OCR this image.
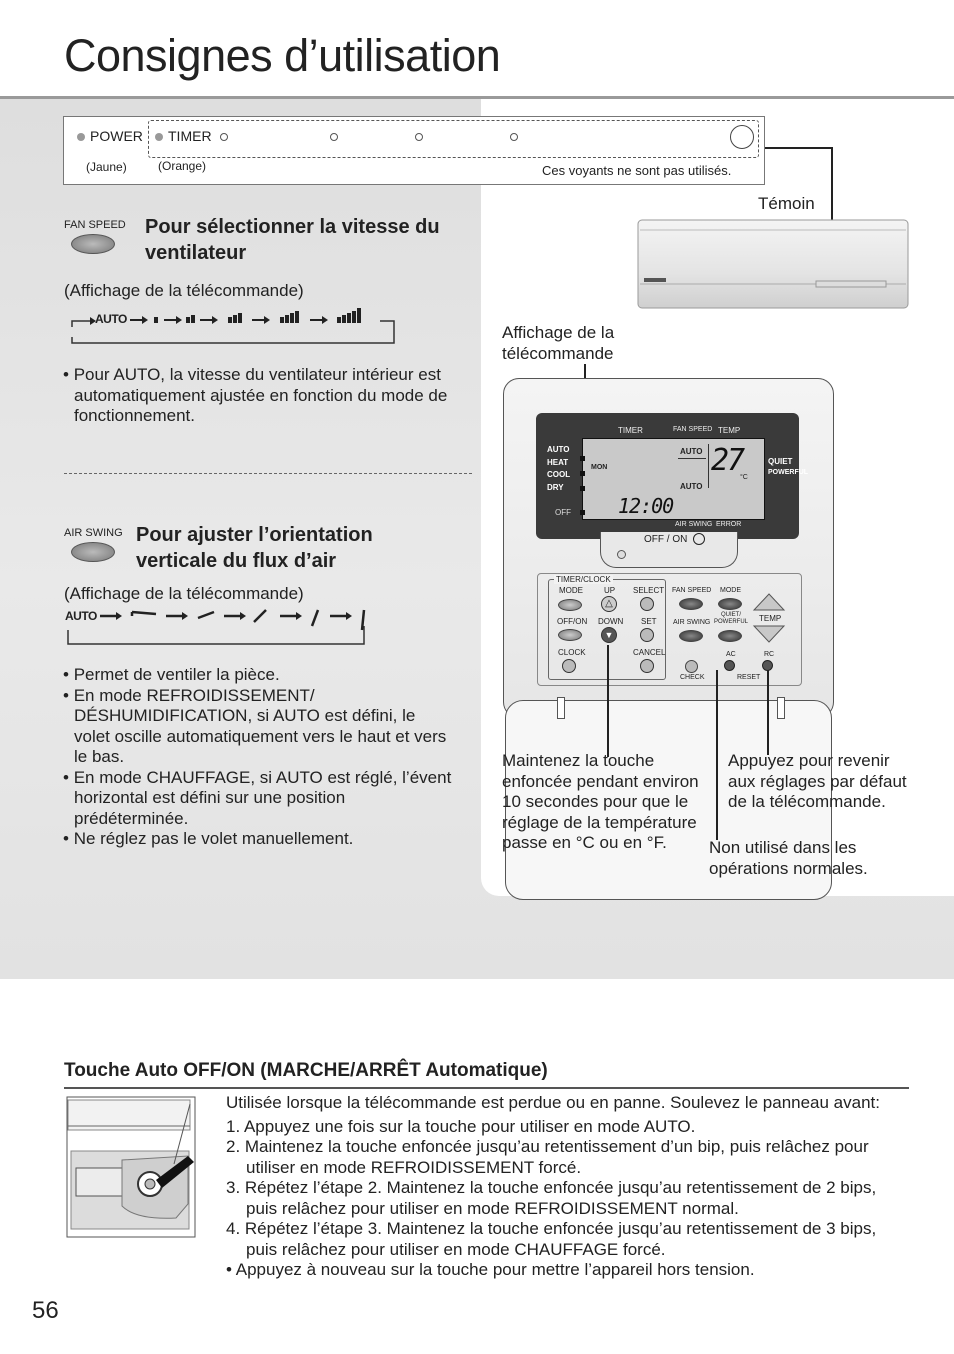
Consignes d’utilisation
POWER TIMER
(Jaune)	(Orange)	Ces voyants ne sont pas utilisés.
Témoin
FAN SPEED Pour sélectionner la vitesse du ventilateur
(Affichage de la télécommande)
AUTO
• Pour AUTO, la vitesse du ventilateur intérieur est automatiquement ajustée en fonction du mode de fonctionnement.
AIR SWING Pour ajuster l’orientation verticale du flux d’air
(Affichage de la télécommande)
AUTO
• Permet de ventiler la pièce.
• En mode REFROIDISSEMENT/ DÉSHUMIDIFICATION, si AUTO est défini, le volet oscille automatiquement vers le haut et vers le bas.
• En mode CHAUFFAGE, si AUTO est réglé, l’évent horizontal est défini sur une position prédéterminée.
• Ne réglez pas le volet manuellement.
Affichage de la télécommande
TIMER	FAN SPEED TEMP
AUTO
HEAT
COOL
DRY
OFF
MON
AUTO
AUTO
27
°C
12:00
QUIET
POWERFUL
AIR SWING ERROR
OFF / ON
TIMER/CLOCK
MODE	UP
△
SELECT
OFF/ON DOWN
▼
SET
CLOCK	CANCEL
FAN SPEED MODE
AIR SWING
QUIET/ POWERFUL TEMP
CHECK
AC	RC
RESET
Maintenez la touche enfoncée pendant environ 10 secondes pour que le réglage de la température passe en °C ou en °F.
Appuyez pour revenir aux réglages par défaut de la télécommande.
Non utilisé dans les opérations normales.
Touche Auto OFF/ON (MARCHE/ARRÊT Automatique)
Utilisée lorsque la télécommande est perdue ou en panne. Soulevez le panneau avant:
1. Appuyez une fois sur la touche pour utiliser en mode AUTO.
2. Maintenez la touche enfoncée jusqu’au retentissement d’un bip, puis relâchez pour utiliser en mode REFROIDISSEMENT forcé.
3. Répétez l’étape 2. Maintenez la touche enfoncée jusqu’au retentissement de 2 bips, puis relâchez pour utiliser en mode REFROIDISSEMENT normal.
4. Répétez l’étape 3. Maintenez la touche enfoncée jusqu’au retentissement de 3 bips, puis relâchez pour utiliser en mode CHAUFFAGE forcé.
• Appuyez à nouveau sur la touche pour mettre l’appareil hors tension.
56
